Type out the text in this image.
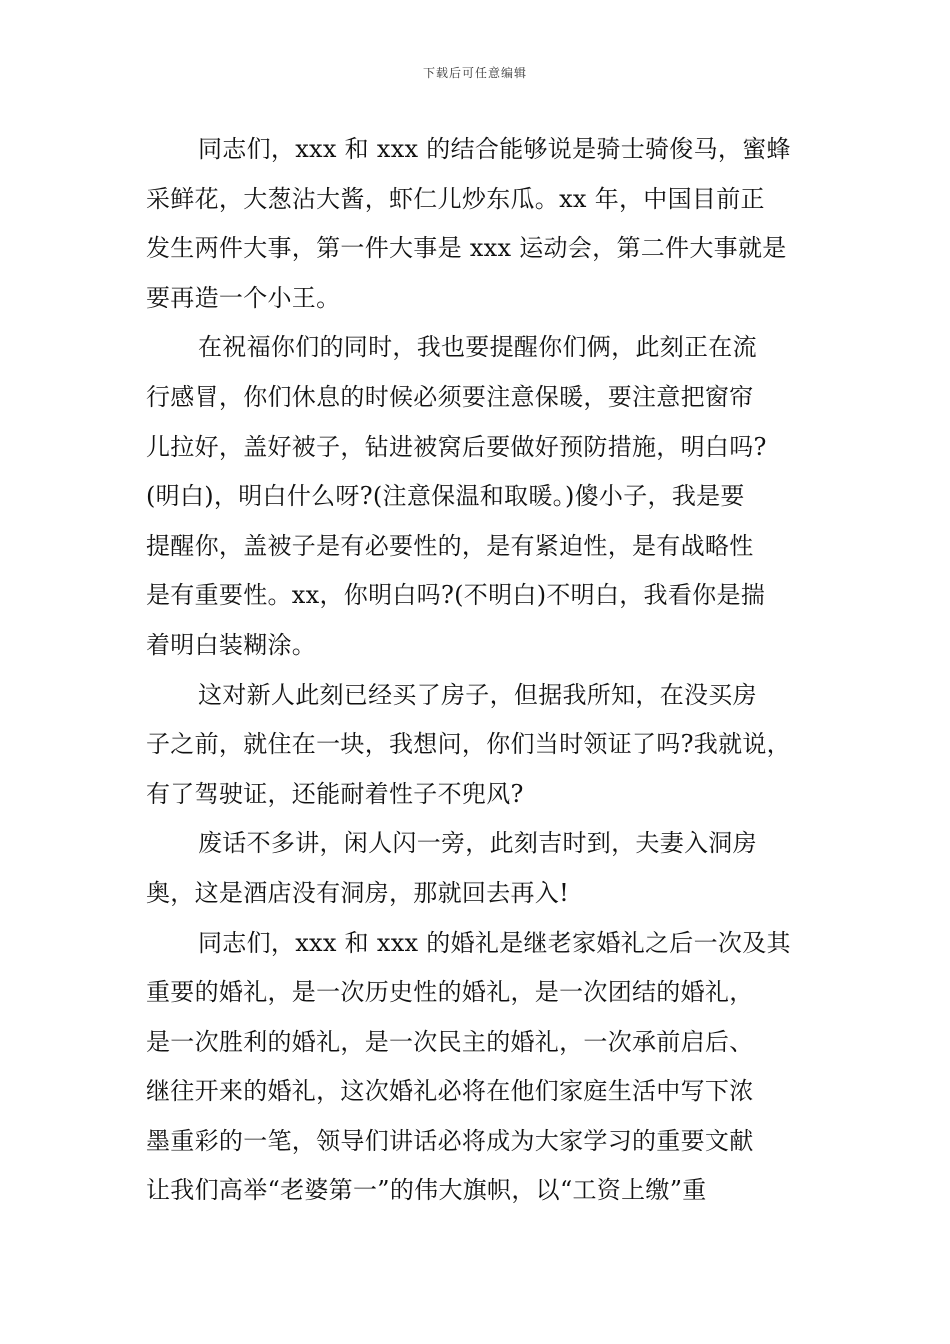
下载后可任意编辑

同志们，xxx 和 xxx 的结合能够说是骑士骑俊马，蜜蜂
采鲜花，大葱沾大酱，虾仁儿炒东瓜。xx 年，中国目前正
发生两件大事，第一件大事是 xxx 运动会，第二件大事就是
要再造一个小王。

在祝福你们的同时，我也要提醒你们俩，此刻正在流
行感冒，你们休息的时候必须要注意保暖，要注意把窗帘
儿拉好，盖好被子，钻进被窝后要做好预防措施，明白吗?
(明白)，明白什么呀?(注意保温和取暖。)傻小子，我是要
提醒你，盖被子是有必要性的，是有紧迫性，是有战略性
是有重要性。xx，你明白吗?(不明白)不明白，我看你是揣
着明白装糊涂。

这对新人此刻已经买了房子，但据我所知，在没买房
子之前，就住在一块，我想问，你们当时领证了吗?我就说，
有了驾驶证，还能耐着性子不兜风?

废话不多讲，闲人闪一旁，此刻吉时到，夫妻入洞房
奥，这是酒店没有洞房，那就回去再入!

同志们，xxx 和 xxx 的婚礼是继老家婚礼之后一次及其
重要的婚礼，是一次历史性的婚礼，是一次团结的婚礼，
是一次胜利的婚礼，是一次民主的婚礼，一次承前启后、
继往开来的婚礼，这次婚礼必将在他们家庭生活中写下浓
墨重彩的一笔，领导们讲话必将成为大家学习的重要文献
让我们高举“老婆第一”的伟大旗帜，以“工资上缴”重
